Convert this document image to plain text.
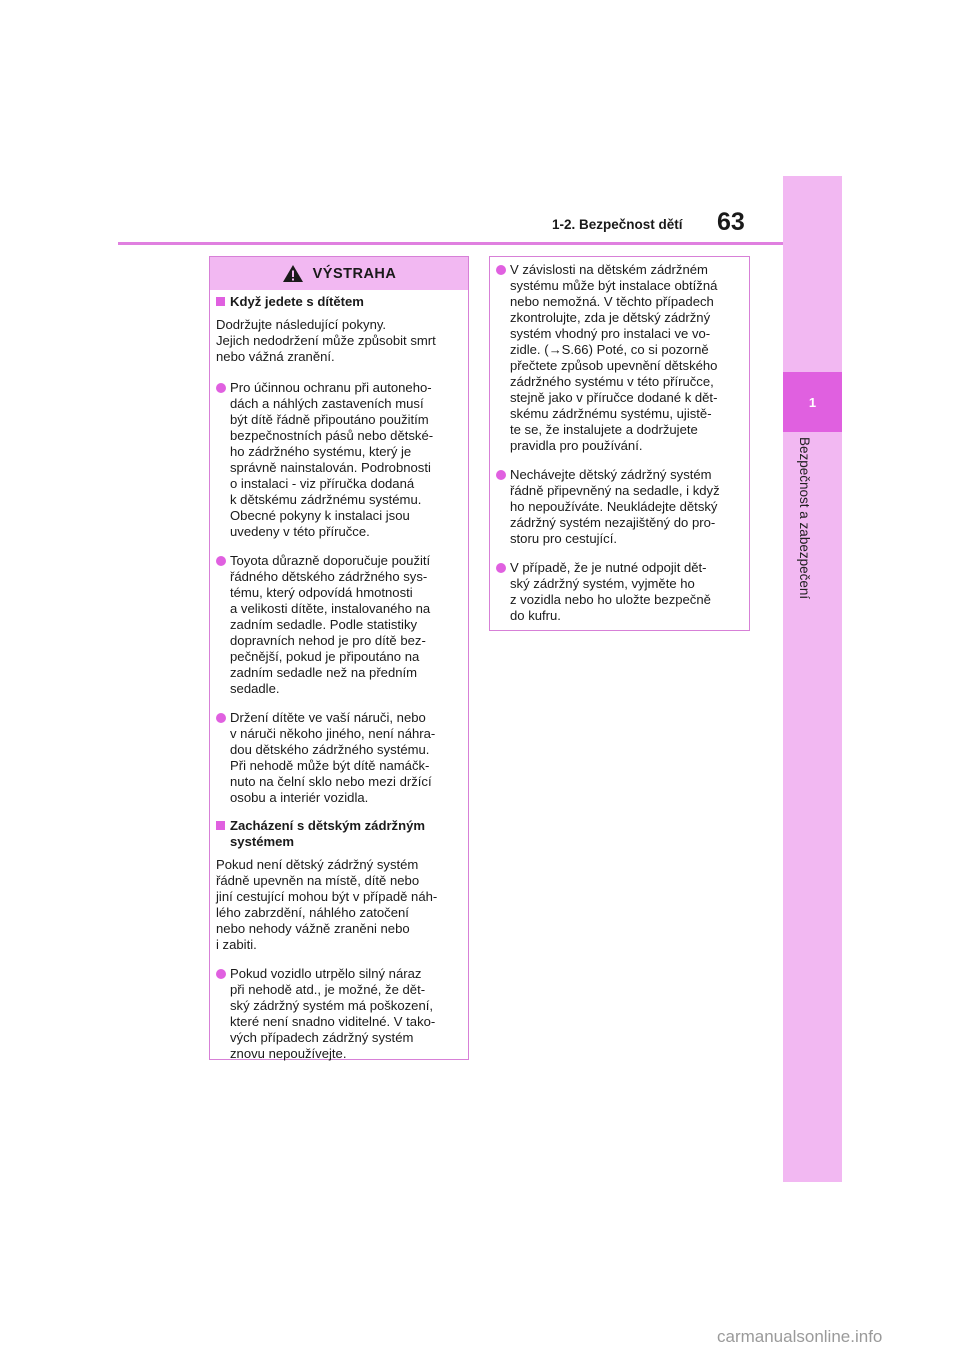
1
Bezpečnost a zabezpečení
1-2. Bezpečnost dětí 63
VÝSTRAHA
Když jedete s dítětem

Dodržujte následující pokyny.
Jejich nedodržení může způsobit smrt
nebo vážná zranění.

Pro účinnou ochranu při autoneho-
dách a náhlých zastaveních musí
být dítě řádně připoutáno použitím
bezpečnostních pásů nebo dětské-
ho zádržného systému, který je
správně nainstalován. Podrobnosti
o instalaci - viz příručka dodaná
k dětskému zádržnému systému.
Obecné pokyny k instalaci jsou
uvedeny v této příručce.
Toyota důrazně doporučuje použití
řádného dětského zádržného sys-
tému, který odpovídá hmotnosti
a velikosti dítěte, instalovaného na
zadním sedadle. Podle statistiky
dopravních nehod je pro dítě bez-
pečnější, pokud je připoutáno na
zadním sedadle než na předním
sedadle.
Držení dítěte ve vaší náruči, nebo
v náruči někoho jiného, není náhra-
dou dětského zádržného systému.
Při nehodě může být dítě namáčk-
nuto na čelní sklo nebo mezi držící
osobu a interiér vozidla.
Zacházení s dětským zádržným
systémem

Pokud není dětský zádržný systém
řádně upevněn na místě, dítě nebo
jiní cestující mohou být v případě náh-
lého zabrzdění, náhlého zatočení
nebo nehody vážně zraněni nebo
i zabiti.

Pokud vozidlo utrpělo silný náraz
při nehodě atd., je možné, že dět-
ský zádržný systém má poškození,
které není snadno viditelné. V tako-
vých případech zádržný systém
znovu nepoužívejte.
V závislosti na dětském zádržném
systému může být instalace obtížná
nebo nemožná. V těchto případech
zkontrolujte, zda je dětský zádržný
systém vhodný pro instalaci ve vo-
zidle. (→S.66) Poté, co si pozorně
přečtete způsob upevnění dětského
zádržného systému v této příručce,
stejně jako v příručce dodané k dět-
skému zádržnému systému, ujistě-
te se, že instalujete a dodržujete
pravidla pro používání.
Nechávejte dětský zádržný systém
řádně připevněný na sedadle, i když
ho nepoužíváte. Neukládejte dětský
zádržný systém nezajištěný do pro-
storu pro cestující.
V případě, že je nutné odpojit dět-
ský zádržný systém, vyjměte ho
z vozidla nebo ho uložte bezpečně
do kufru.
carmanualsonline.info
